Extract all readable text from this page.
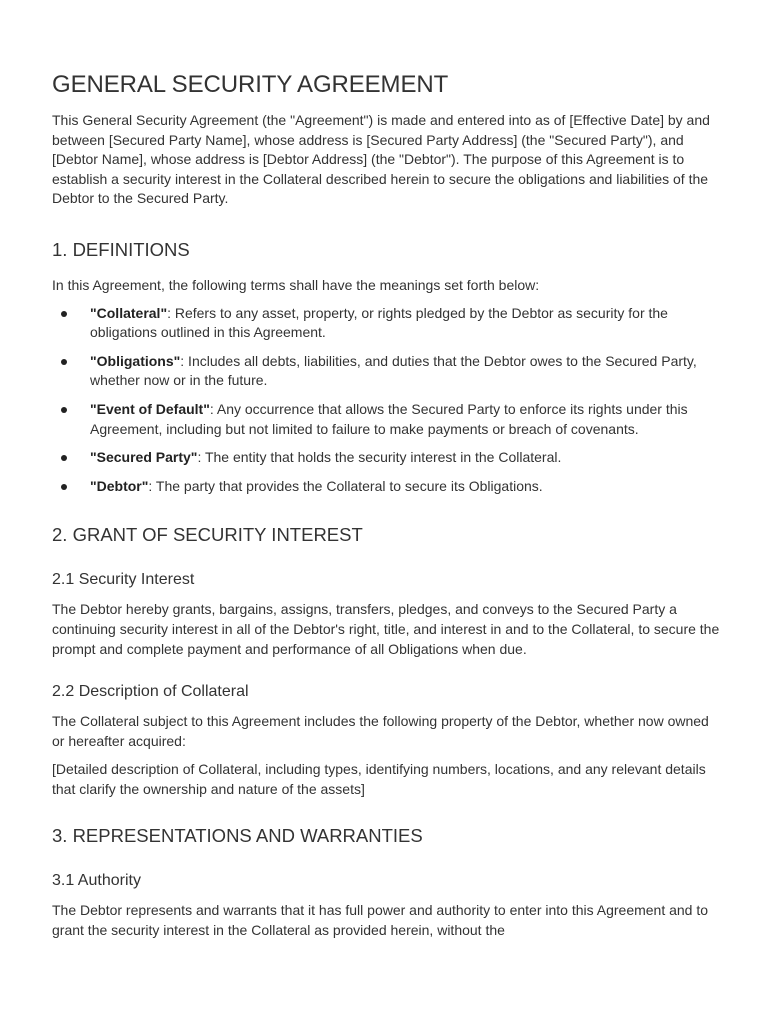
GENERAL SECURITY AGREEMENT

This General Security Agreement (the "Agreement") is made and entered into as of [Effective Date] by and between [Secured Party Name], whose address is [Secured Party Address] (the "Secured Party"), and [Debtor Name], whose address is [Debtor Address] (the "Debtor"). The purpose of this Agreement is to establish a security interest in the Collateral described herein to secure the obligations and liabilities of the Debtor to the Secured Party.

1. DEFINITIONS

In this Agreement, the following terms shall have the meanings set forth below:

"Collateral": Refers to any asset, property, or rights pledged by the Debtor as security for the obligations outlined in this Agreement.
"Obligations": Includes all debts, liabilities, and duties that the Debtor owes to the Secured Party, whether now or in the future.
"Event of Default": Any occurrence that allows the Secured Party to enforce its rights under this Agreement, including but not limited to failure to make payments or breach of covenants.
"Secured Party": The entity that holds the security interest in the Collateral.
"Debtor": The party that provides the Collateral to secure its Obligations.
2. GRANT OF SECURITY INTEREST
2.1 Security Interest

The Debtor hereby grants, bargains, assigns, transfers, pledges, and conveys to the Secured Party a continuing security interest in all of the Debtor's right, title, and interest in and to the Collateral, to secure the prompt and complete payment and performance of all Obligations when due.

2.2 Description of Collateral

The Collateral subject to this Agreement includes the following property of the Debtor, whether now owned or hereafter acquired:

[Detailed description of Collateral, including types, identifying numbers, locations, and any relevant details that clarify the ownership and nature of the assets]

3. REPRESENTATIONS AND WARRANTIES
3.1 Authority

The Debtor represents and warrants that it has full power and authority to enter into this Agreement and to grant the security interest in the Collateral as provided herein, without the
